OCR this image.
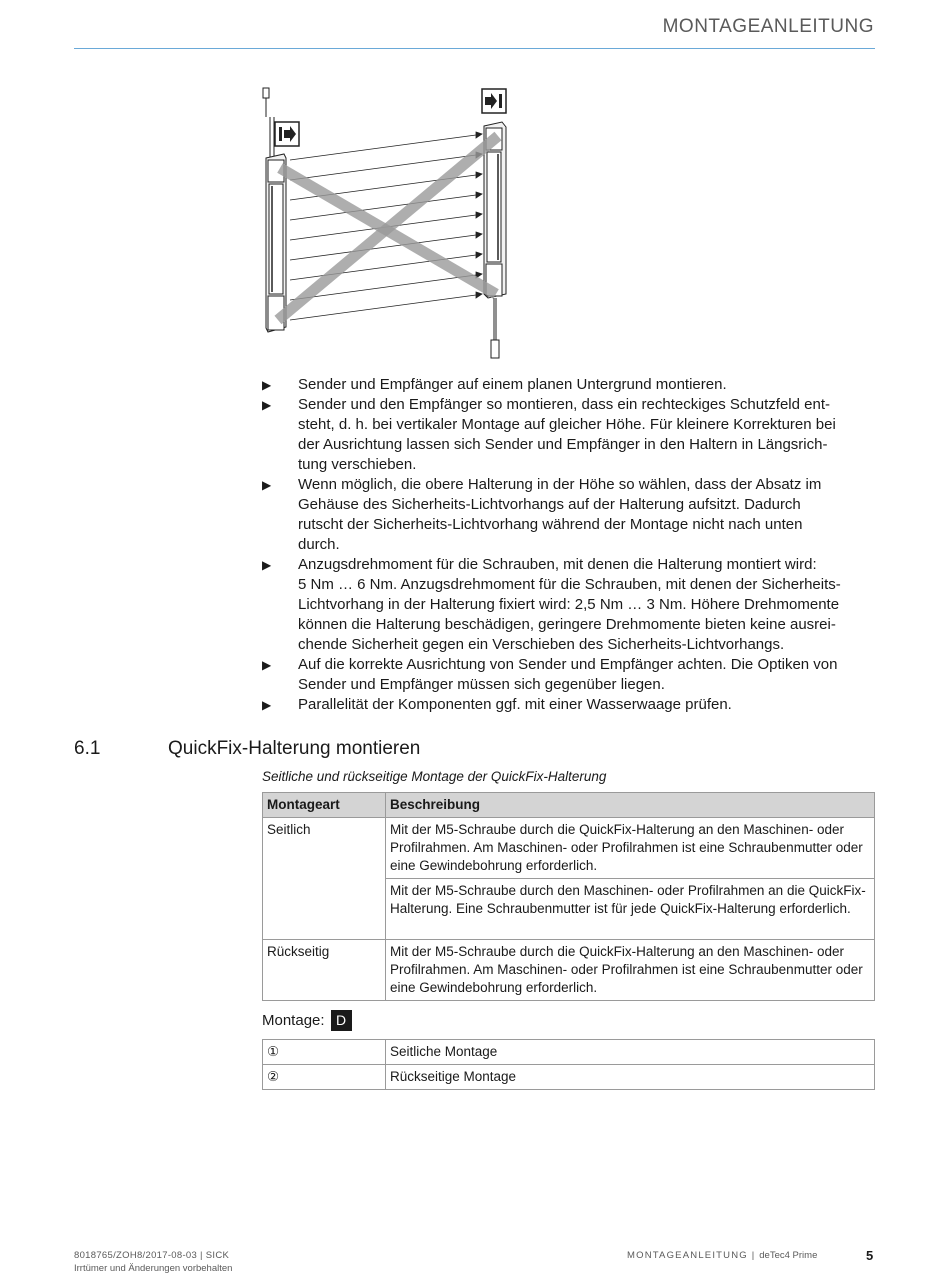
MONTAGEANLEITUNG
▶ Sender und Empfänger auf einem planen Untergrund montieren.
▶ Sender und den Empfänger so montieren, dass ein rechteckiges Schutzfeld ent-
steht, d. h. bei vertikaler Montage auf gleicher Höhe. Für kleinere Korrekturen bei
der Ausrichtung lassen sich Sender und Empfänger in den Haltern in Längsrich-
tung verschieben.
▶ Wenn möglich, die obere Halterung in der Höhe so wählen, dass der Absatz im
Gehäuse des Sicherheits-Lichtvorhangs auf der Halterung aufsitzt. Dadurch
rutscht der Sicherheits-Lichtvorhang während der Montage nicht nach unten
durch.
▶ Anzugsdrehmoment für die Schrauben, mit denen die Halterung montiert wird:
5 Nm … 6 Nm. Anzugsdrehmoment für die Schrauben, mit denen der Sicherheits-
Lichtvorhang in der Halterung fixiert wird: 2,5 Nm … 3 Nm. Höhere Drehmomente
können die Halterung beschädigen, geringere Drehmomente bieten keine ausrei-
chende Sicherheit gegen ein Verschieben des Sicherheits-Lichtvorhangs.
▶ Auf die korrekte Ausrichtung von Sender und Empfänger achten. Die Optiken von
Sender und Empfänger müssen sich gegenüber liegen.
▶ Parallelität der Komponenten ggf. mit einer Wasserwaage prüfen.
6.1	QuickFix-Halterung montieren
Seitliche und rückseitige Montage der QuickFix-Halterung
Montageart	Beschreibung
Seitlich	Mit der M5-Schraube durch die QuickFix-Halterung an den Maschinen- oder Profilrahmen. Am Maschinen- oder Profilrahmen ist eine Schraubenmutter oder eine Gewindebohrung erforderlich.
	Mit der M5-Schraube durch den Maschinen- oder Profilrahmen an die QuickFix-Halterung. Eine Schraubenmutter ist für jede QuickFix-Halterung erforderlich.
Rückseitig	Mit der M5-Schraube durch die QuickFix-Halterung an den Maschinen- oder Profilrahmen. Am Maschinen- oder Profilrahmen ist eine Schraubenmutter oder eine Gewindebohrung erforderlich.
Montage: D
①	Seitliche Montage
②	Rückseitige Montage
8018765/ZOH8/2017-08-03 | SICK
Irrtümer und Änderungen vorbehalten
MONTAGEANLEITUNG | deTec4 Prime	5
